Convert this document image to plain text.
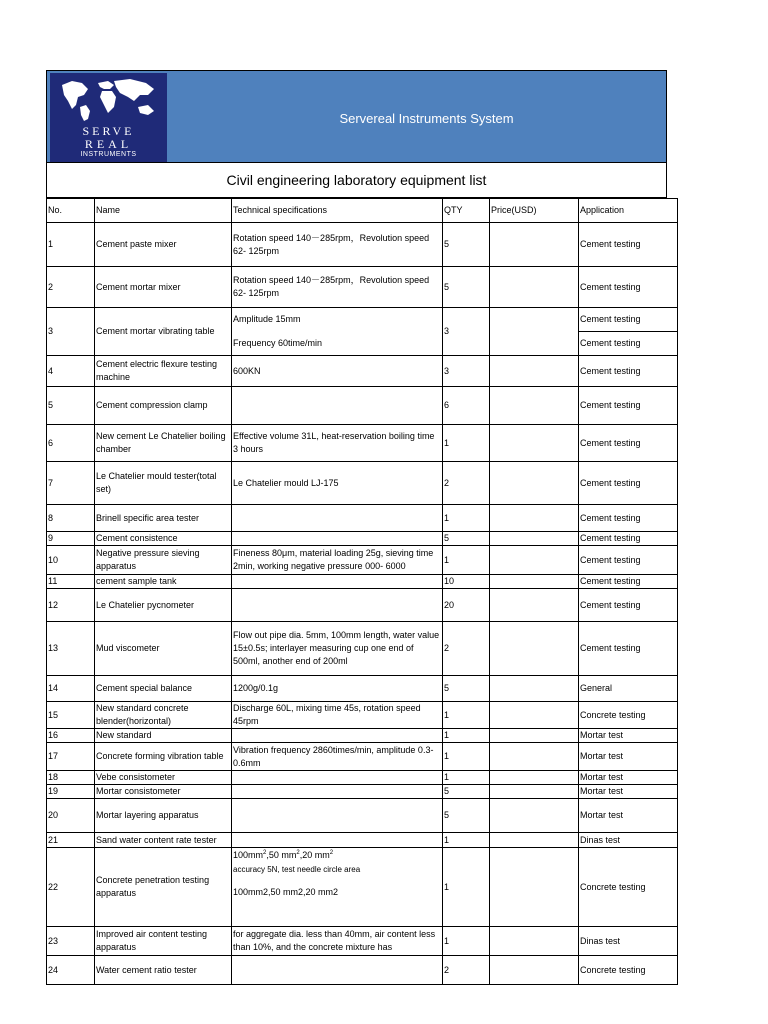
SERVE
REAL
INSTRUMENTS
Servereal Instruments System
Civil engineering laboratory equipment list
No.	Name	Technical specifications	QTY	Price(USD)	Application
1	Cement paste mixer	Rotation speed 140－285rpm，Revolution speed 62- 125rpm	5		Cement testing
2	Cement mortar mixer	Rotation speed 140－285rpm，Revolution speed 62- 125rpm	5		Cement testing
3	Cement mortar vibrating table	Amplitude 15mm
Frequency 60time/min	3		Cement testing
					Cement testing
4	Cement electric flexure testing machine	600KN	3		Cement testing
5	Cement compression clamp		6		Cement testing
6	New cement Le Chatelier boiling chamber	Effective volume 31L, heat-reservation boiling time 3 hours	1		Cement testing
7	Le Chatelier mould tester(total set)	Le Chatelier mould LJ-175	2		Cement testing
8	Brinell specific area tester		1		Cement testing
9	Cement consistence		5		Cement testing
10	Negative pressure sieving apparatus	Fineness 80μm, material loading 25g, sieving time 2min, working negative pressure 000- 6000	1		Cement testing
11	cement sample tank		10		Cement testing
12	Le Chatelier pycnometer		20		Cement testing
13	Mud viscometer	Flow out pipe dia. 5mm, 100mm length, water value 15±0.5s; interlayer measuring cup one end of 500ml, another end of 200ml	2		Cement testing
14	Cement special balance	1200g/0.1g	5		General
15	New standard concrete blender(horizontal)	Discharge 60L, mixing time 45s, rotation speed 45rpm	1		Concrete testing
16	New standard		1		Mortar test
17	Concrete forming vibration table	Vibration frequency 2860times/min, amplitude 0.3- 0.6mm	1		Mortar test
18	Vebe consistometer		1		Mortar test
19	Mortar consistometer		5		Mortar test
20	Mortar layering apparatus		5		Mortar test
21	Sand water content rate tester		1		Dinas test
22	Concrete penetration testing apparatus	$100mm^2,50$ $mm^2,20$ $mm^2$
accuracy 5N, test needle circle area
100mm2,50 mm2,20 mm2	1		Concrete testing
23	Improved air content testing apparatus	for aggregate dia. less than 40mm, air content less than 10%, and the concrete mixture has	1		Dinas test
24	Water cement ratio tester		2		Concrete testing
